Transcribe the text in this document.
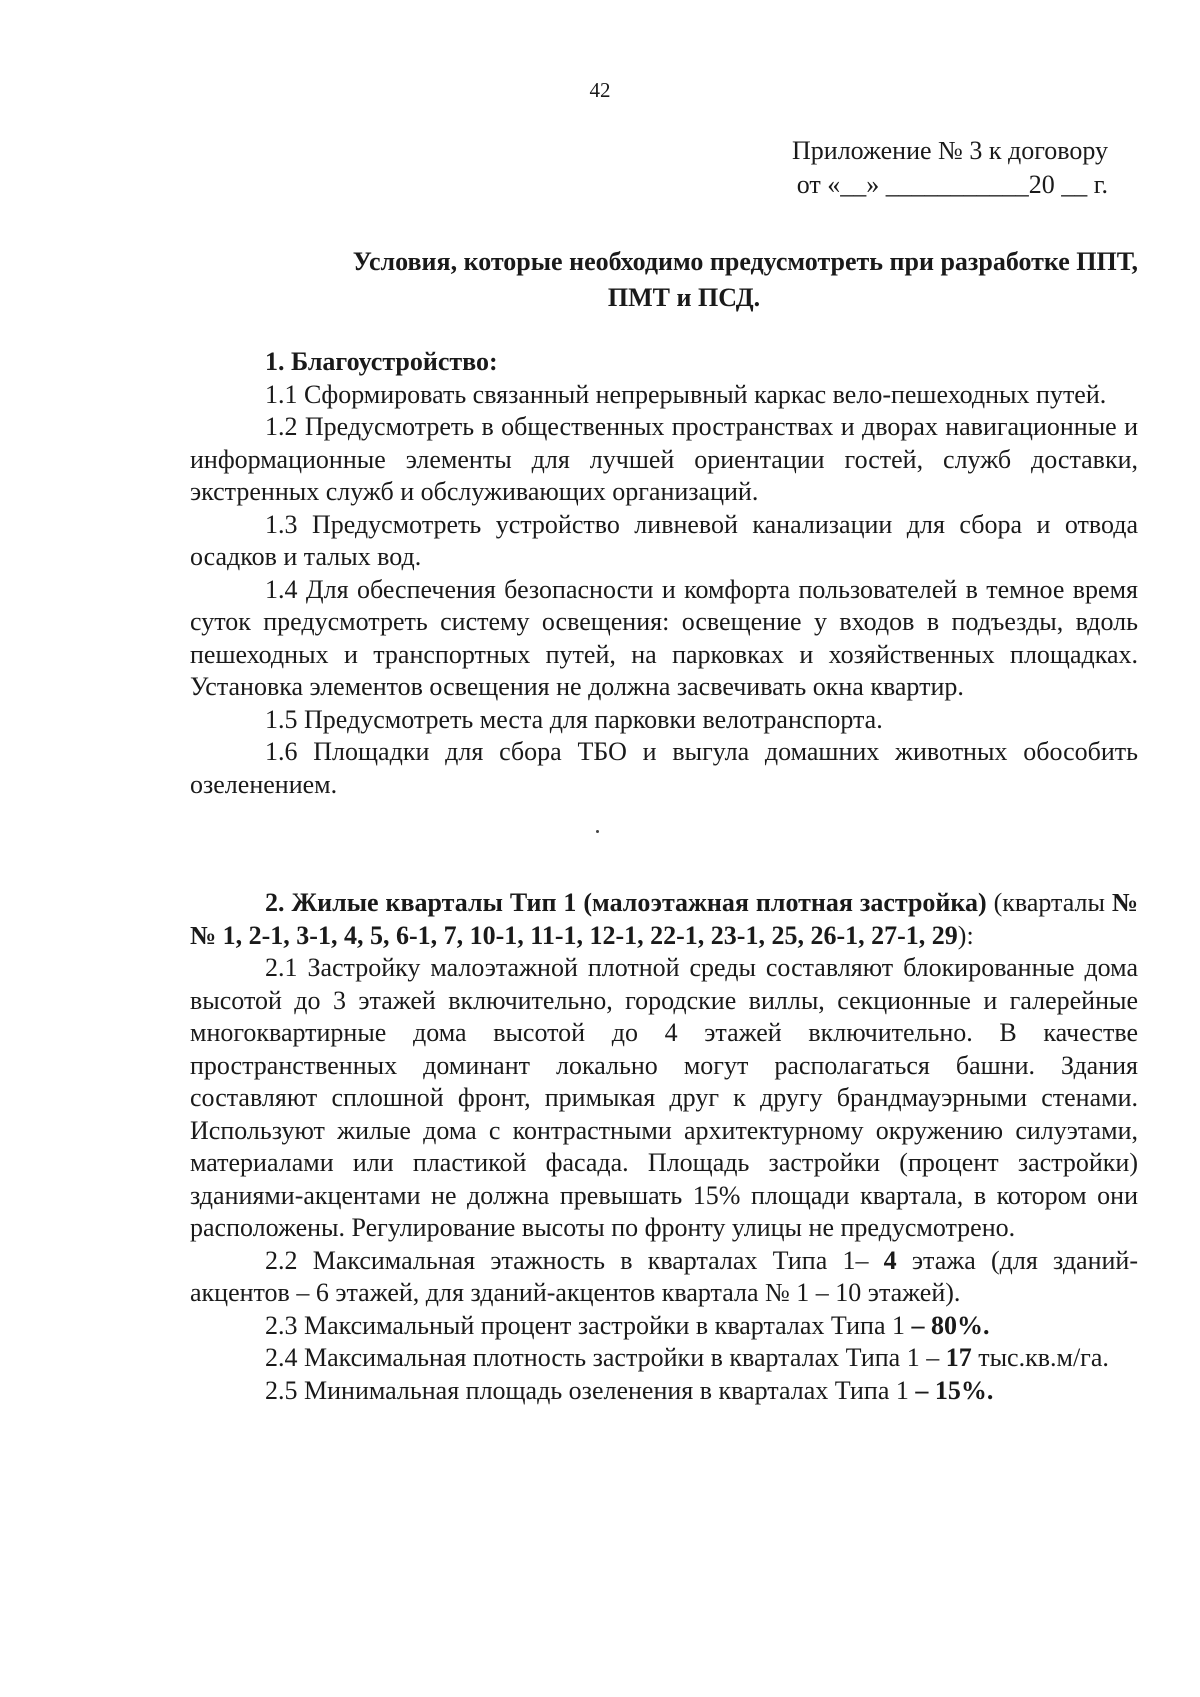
42
Приложение № 3 к договору
от «__» ___________20 __ г.
Условия, которые необходимо предусмотреть при разработке ППТ,
ПМТ и ПСД.

1. Благоустройство:

1.1 Сформировать связанный непрерывный каркас вело-пешеходных путей.

1.2 Предусмотреть в общественных пространствах и дворах навигационные и информационные элементы для лучшей ориентации гостей, служб доставки, экстренных служб и обслуживающих организаций.

1.3 Предусмотреть устройство ливневой канализации для сбора и отвода осадков и талых вод.

1.4 Для обеспечения безопасности и комфорта пользователей в темное время суток предусмотреть систему освещения: освещение у входов в подъезды, вдоль пешеходных и транспортных путей, на парковках и хозяйственных площадках. Установка элементов освещения не должна засвечивать окна квартир.

1.5 Предусмотреть места для парковки велотранспорта.

1.6 Площадки для сбора ТБО и выгула домашних животных обособить озеленением.

2. Жилые кварталы Тип 1 (малоэтажная плотная застройка) (кварталы №№ 1, 2-1, 3-1, 4, 5, 6-1, 7, 10-1, 11-1, 12-1, 22-1, 23-1, 25, 26-1, 27-1, 29):

2.1 Застройку малоэтажной плотной среды составляют блокированные дома высотой до 3 этажей включительно, городские виллы, секционные и галерейные многоквартирные дома высотой до 4 этажей включительно. В качестве пространственных доминант локально могут располагаться башни. Здания составляют сплошной фронт, примыкая друг к другу брандмауэрными стенами. Используют жилые дома с контрастными архитектурному окружению силуэтами, материалами или пластикой фасада. Площадь застройки (процент застройки) зданиями-акцентами не должна превышать 15% площади квартала, в котором они расположены. Регулирование высоты по фронту улицы не предусмотрено.

2.2 Максимальная этажность в кварталах Типа 1– 4 этажа (для зданий-акцентов – 6 этажей, для зданий-акцентов квартала № 1 – 10 этажей).

2.3 Максимальный процент застройки в кварталах Типа 1 – 80%.

2.4 Максимальная плотность застройки в кварталах Типа 1 – 17 тыс.кв.м/га.

2.5 Минимальная площадь озеленения в кварталах Типа 1 – 15%.
